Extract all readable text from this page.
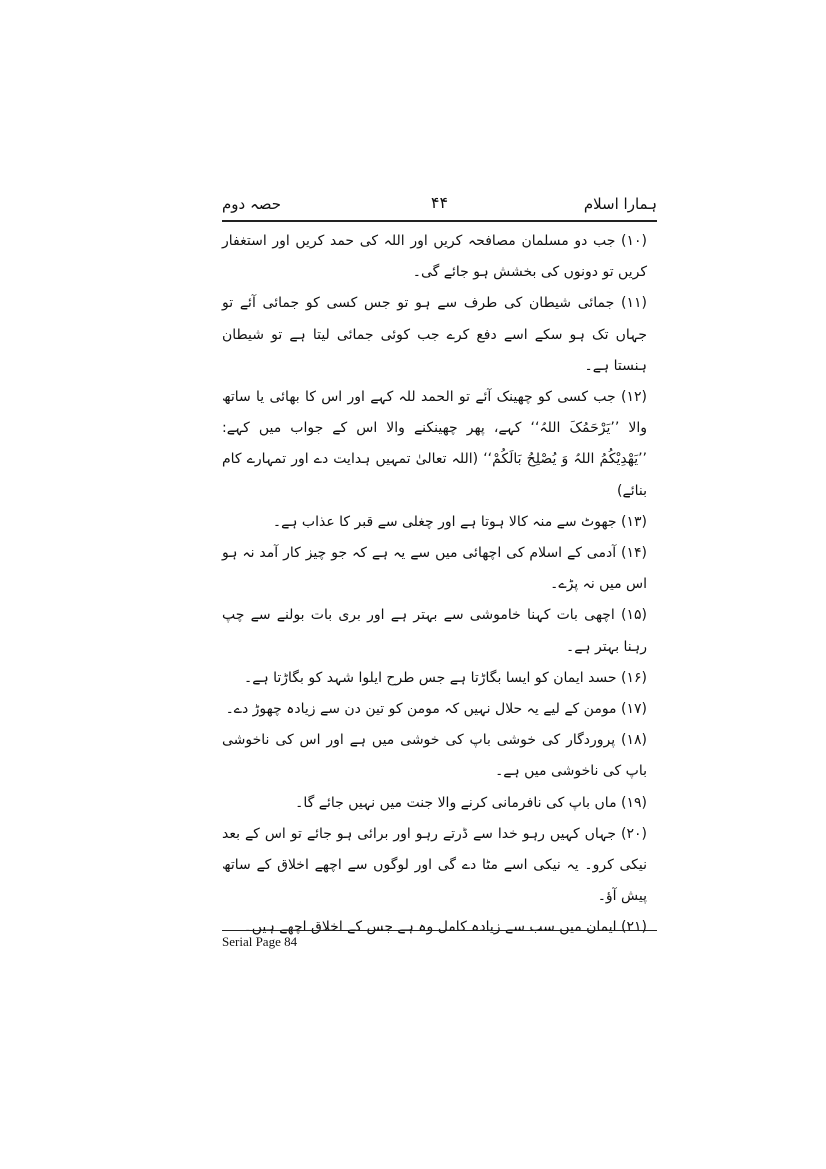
ہمارا اسلام
۴۴
حصہ دوم

(۱۰) جب دو مسلمان مصافحہ کریں اور اللہ کی حمد کریں اور استغفار کریں تو دونوں کی بخشش ہو جائے گی۔

(۱۱) جمائی شیطان کی طرف سے ہو تو جس کسی کو جمائی آئے تو جہاں تک ہو سکے اسے دفع کرے جب کوئی جمائی لیتا ہے تو شیطان ہنستا ہے۔

(۱۲) جب کسی کو چھینک آئے تو الحمد للہ کہے اور اس کا بھائی یا ساتھ والا ’’یَرْحَمُکَ اللہُ‘‘ کہے، پھر چھینکنے والا اس کے جواب میں کہے: ’’یَھْدِیْکُمُ اللہُ وَ یُصْلِحُ بَالَکُمْ‘‘ (اللہ تعالیٰ تمہیں ہدایت دے اور تمہارے کام بنائے)

(۱۳) جھوٹ سے منہ کالا ہوتا ہے اور چغلی سے قبر کا عذاب ہے۔

(۱۴) آدمی کے اسلام کی اچھائی میں سے یہ ہے کہ جو چیز کار آمد نہ ہو اس میں نہ پڑے۔

(۱۵) اچھی بات کہنا خاموشی سے بہتر ہے اور بری بات بولنے سے چپ رہنا بہتر ہے۔

(۱۶) حسد ایمان کو ایسا بگاڑتا ہے جس طرح ایلوا شہد کو بگاڑتا ہے۔

(۱۷) مومن کے لیے یہ حلال نہیں کہ مومن کو تین دن سے زیادہ چھوڑ دے۔

(۱۸) پروردگار کی خوشی باپ کی خوشی میں ہے اور اس کی ناخوشی باپ کی ناخوشی میں ہے۔

(۱۹) ماں باپ کی نافرمانی کرنے والا جنت میں نہیں جائے گا۔

(۲۰) جہاں کہیں رہو خدا سے ڈرتے رہو اور برائی ہو جائے تو اس کے بعد نیکی کرو۔ یہ نیکی اسے مٹا دے گی اور لوگوں سے اچھے اخلاق کے ساتھ پیش آؤ۔

(۲۱) ایمان میں سب سے زیادہ کامل وہ ہے جس کے اخلاق اچھے ہیں۔

Serial Page 84
